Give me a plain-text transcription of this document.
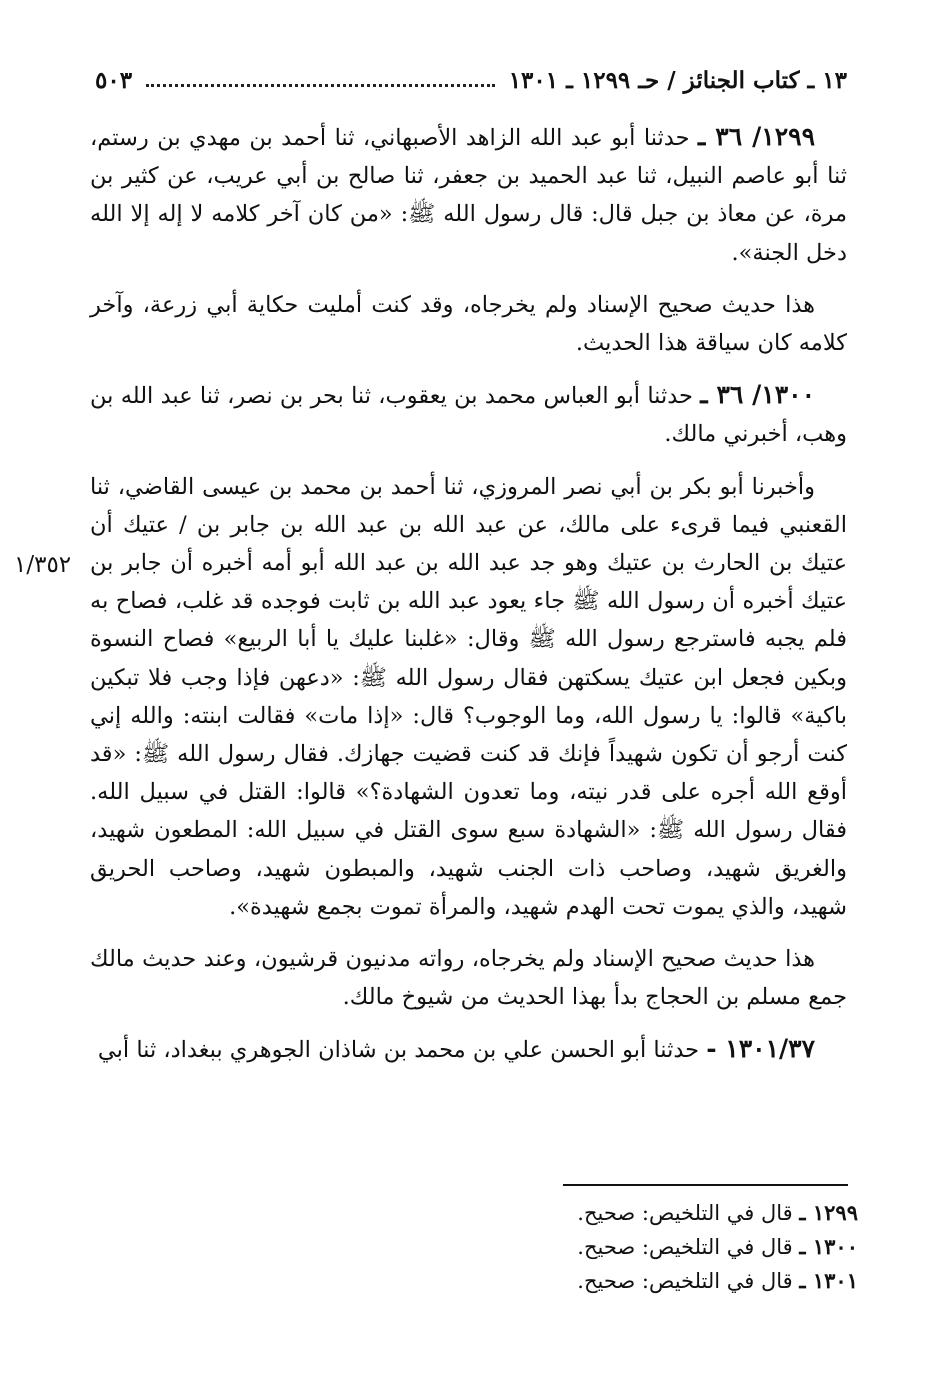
١٣ ـ كتاب الجنائز / حـ ١٢٩٩ ـ ١٣٠١
٥٠٣

١٢٩٩/ ٣٦ ـ حدثنا أبو عبد الله الزاهد الأصبهاني، ثنا أحمد بن مهدي بن رستم، ثنا أبو عاصم النبيل، ثنا عبد الحميد بن جعفر، ثنا صالح بن أبي عريب، عن كثير بن مرة، عن معاذ بن جبل قال: قال رسول الله ﷺ: «من كان آخر كلامه لا إله إلا الله دخل الجنة».

هذا حديث صحيح الإسناد ولم يخرجاه، وقد كنت أمليت حكاية أبي زرعة، وآخر كلامه كان سياقة هذا الحديث.

١٣٠٠/ ٣٦ ـ حدثنا أبو العباس محمد بن يعقوب، ثنا بحر بن نصر، ثنا عبد الله بن وهب، أخبرني مالك.

وأخبرنا أبو بكر بن أبي نصر المروزي، ثنا أحمد بن محمد بن عيسى القاضي، ثنا القعنبي فيما قرىء على مالك، عن عبد الله بن عبد الله بن جابر بن / عتيك أن عتيك بن الحارث بن عتيك وهو جد عبد الله بن عبد الله أبو أمه أخبره أن جابر بن عتيك أخبره أن رسول الله ﷺ جاء يعود عبد الله بن ثابت فوجده قد غلب، فصاح به فلم يجبه فاسترجع رسول الله ﷺ وقال: «غلبنا عليك يا أبا الربيع» فصاح النسوة وبكين فجعل ابن عتيك يسكتهن فقال رسول الله ﷺ: «دعهن فإذا وجب فلا تبكين باكية» قالوا: يا رسول الله، وما الوجوب؟ قال: «إذا مات» فقالت ابنته: والله إني كنت أرجو أن تكون شهيداً فإنك قد كنت قضيت جهازك. فقال رسول الله ﷺ: «قد أوقع الله أجره على قدر نيته، وما تعدون الشهادة؟» قالوا: القتل في سبيل الله. فقال رسول الله ﷺ: «الشهادة سبع سوى القتل في سبيل الله: المطعون شهيد، والغريق شهيد، وصاحب ذات الجنب شهيد، والمبطون شهيد، وصاحب الحريق شهيد، والذي يموت تحت الهدم شهيد، والمرأة تموت بجمع شهيدة».

هذا حديث صحيح الإسناد ولم يخرجاه، رواته مدنيون قرشيون، وعند حديث مالك جمع مسلم بن الحجاج بدأ بهذا الحديث من شيوخ مالك.

١٣٠١/٣٧ - حدثنا أبو الحسن علي بن محمد بن شاذان الجوهري ببغداد، ثنا أبي

١/٣٥٢
١٢٩٩ ـ قال في التلخيص: صحيح.
١٣٠٠ ـ قال في التلخيص: صحيح.
١٣٠١ ـ قال في التلخيص: صحيح.
